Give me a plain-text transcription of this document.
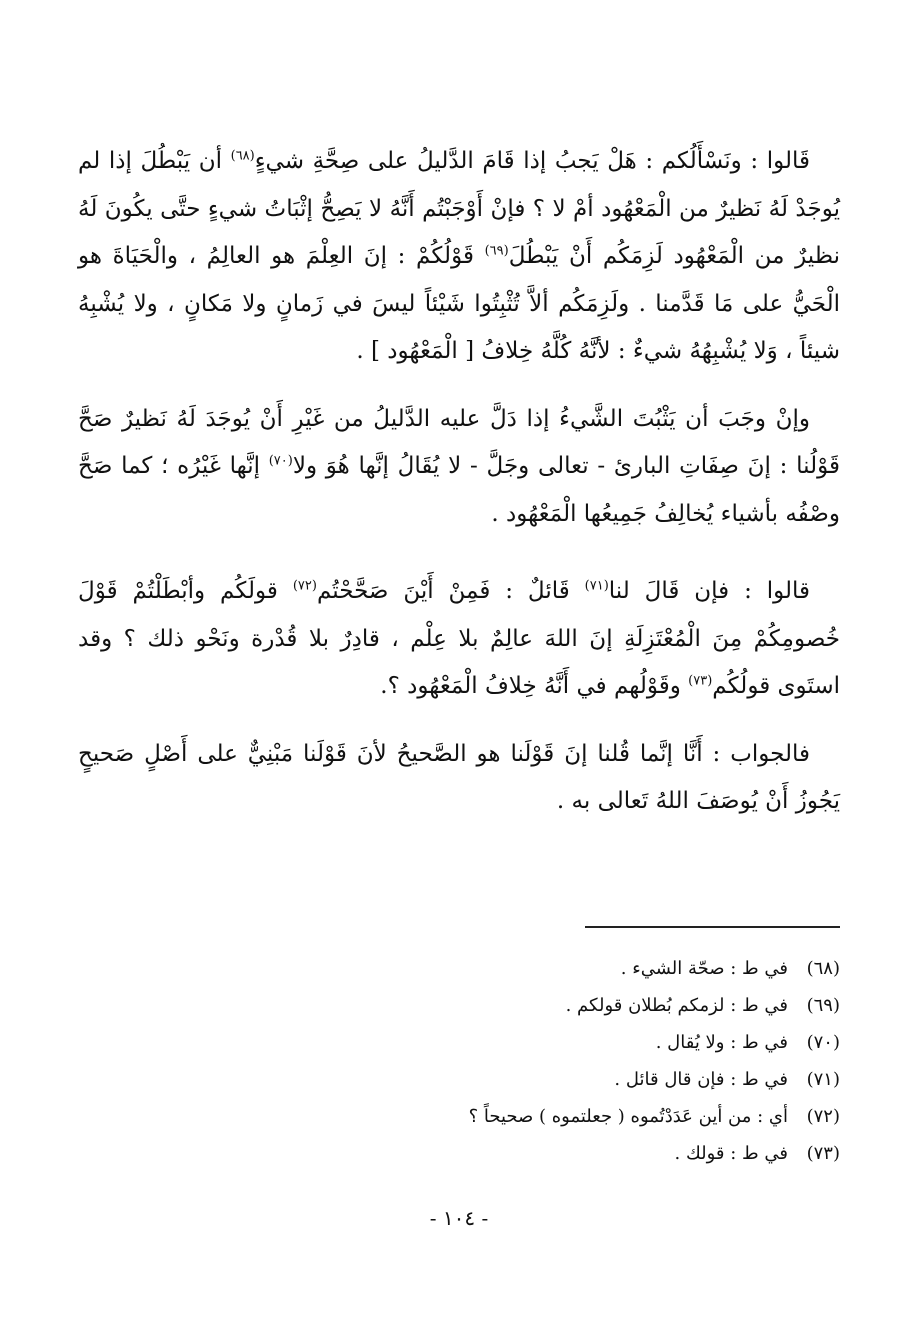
قَالوا : ونَسْأَلُكم : هَلْ يَجبُ إذا قَامَ الدَّليلُ على صِحَّةِ شيءٍ$^{(٦٨)}$ أن يَبْطُلَ إذا لم يُوجَدْ لَهُ نَظيرٌ من الْمَعْهُود أمْ لا ؟ فإنْ أَوْجَبْتُم أَنَّهُ لا يَصِحُّ إثْبَاتُ شيءٍ حتَّى يكُونَ لَهُ نظيرٌ من الْمَعْهُود لَزِمَكُم أَنْ يَبْطُلَ$^{(٦٩)}$ قَوْلُكُمْ : إنَ العِلْمَ هو العالِمُ ، والْحَيَاةَ هو الْحَيُّ على مَا قَدَّمنا . ولَزِمَكُم ألاَّ تُثْبِتُوا شَيْئاً ليسَ في زَمانٍ ولا مَكانٍ ، ولا يُشْبِهُ شيئاً ، وَلا يُشْبِهُهُ شيءٌ : لأنَّهُ كُلَّهُ خِلافُ [ الْمَعْهُود ] .

وإنْ وجَبَ أن يَثْبُتَ الشَّيءُ إذا دَلَّ عليه الدَّليلُ من غَيْرِ أَنْ يُوجَدَ لَهُ نَظيرٌ صَحَّ قَوْلُنا : إنَ صِفَاتِ البارئ - تعالى وجَلَّ - لا يُقَالُ إنَّها هُوَ ولا$^{(٧٠)}$ إنَّها غَيْرُه ؛ كما صَحَّ وصْفُه بأشياء يُخالِفُ جَمِيعُها الْمَعْهُود .

قالوا : فإن قَالَ لنا$^{(٧١)}$ قَائلٌ : فَمِنْ أَيْنَ صَحَّحْتُم$^{(٧٢)}$ قولَكُم وأبْطَلْتُمْ قَوْلَ خُصومِكُمْ مِنَ الْمُعْتَزِلَةِ إنَ اللهَ عالِمٌ بلا عِلْم ، قادِرٌ بلا قُدْرة ونَحْو ذلك ؟ وقد استَوى قولُكُم$^{(٧٣)}$ وقَوْلُهم في أَنَّهُ خِلافُ الْمَعْهُود ؟.

فالجواب : أَنَّا إنَّما قُلنا إنَ قَوْلَنا هو الصَّحيحُ لأنَ قَوْلَنا مَبْنِيٌّ على أَصْلٍ صَحيحٍ يَجُوزُ أَنْ يُوصَفَ اللهُ تَعالى به .

(٦٨)في ط : صحّة الشيء .
(٦٩)في ط : لزمكم بُطلان قولكم .
(٧٠)في ط : ولا يُقال .
(٧١)في ط : فإن قال قائل .
(٧٢)أي : من أين عَدَدْتُموه ( جعلتموه ) صحيحاً ؟
(٧٣)في ط : قولك .
- ١٠٤ -
